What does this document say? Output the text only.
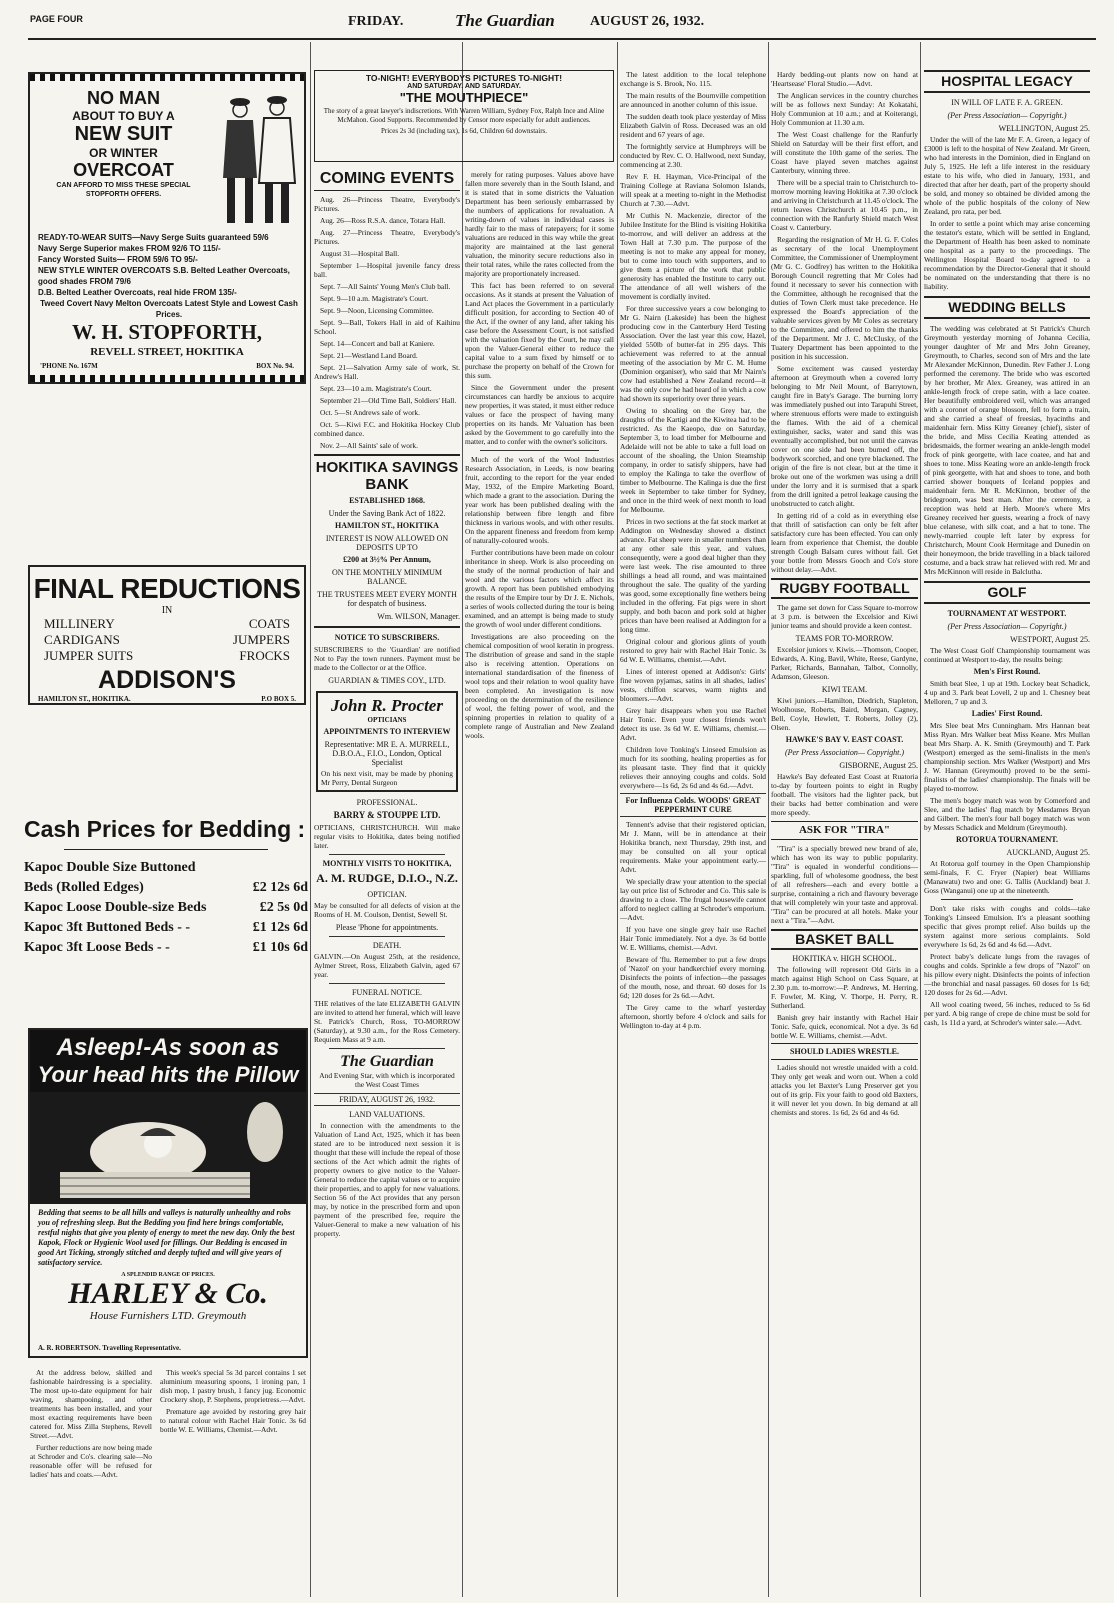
PAGE FOUR	FRIDAY.	The Guardian	AUGUST 26, 1932.
NO MAN
ABOUT TO BUY A
NEW SUIT
OR WINTER
OVERCOAT
CAN AFFORD TO MISS THESE SPECIAL STOPFORTH OFFERS.
READY-TO-WEAR SUITS—Navy Serge Suits guaranteed 59/6
Navy Serge Superior makes FROM 92/6 TO 115/-
Fancy Worsted Suits— FROM 59/6 TO 95/-
NEW STYLE WINTER OVERCOATS S.B. Belted Leather Overcoats, good shades FROM 79/6
D.B. Belted Leather Overcoats, real hide FROM 135/-
Tweed Covert Navy Melton Overcoats Latest Style and Lowest Cash Prices.
W. H. STOPFORTH,
REVELL STREET, HOKITIKA
'PHONE No. 167M	BOX No. 94.
FINAL REDUCTIONS
IN
MILLINERY	COATS
CARDIGANS	JUMPERS
JUMPER SUITS	FROCKS
ADDISON'S
HAMILTON ST., HOKITIKA.	P.O BOX 5.
Cash Prices for Bedding :
Kapoc Double Size Buttoned Beds (Rolled Edges)	£2 12s 6d
Kapoc Loose Double-size Beds	£2 5s 0d
Kapoc 3ft Buttoned Beds - -	£1 12s 6d
Kapoc 3ft Loose Beds - -	£1 10s 6d
Asleep!-As soon as
Your head hits the Pillow
Bedding that seems to be all hills and valleys is naturally unhealthy and robs you of refreshing sleep. But the Bedding you find here brings comfortable, restful nights that give you plenty of energy to meet the new day. Only the best Kapok, Flock or Hygienic Wool used for fillings. Our Bedding is encased in good Art Ticking, strongly stitched and deeply tufted and will give years of satisfactory service.
A SPLENDID RANGE OF PRICES.
HARLEY & Co.
House Furnishers LTD. Greymouth
A. R. ROBERTSON. Travelling Representative.

At the address below, skilled and fashionable hairdressing is a speciality. The most up-to-date equipment for hair waving, shampooing, and other treatments has been installed, and your most exacting requirements have been catered for. Miss Zilla Stephens, Revell Street.—Advt.

Further reductions are now being made at Schroder and Co's. clearing sale—No reasonable offer will be refused for ladies' hats and coats.—Advt.

This week's special 5s 3d parcel contains 1 set aluminium measuring spoons, 1 ironing pan, 1 dish mop, 1 pastry brush, 1 fancy jug. Economic Crockery shop, P. Stephens, proprietress.—Advt.

Premature age avoided by restoring grey hair to natural colour with Rachel Hair Tonic. 3s 6d bottle W. E. Williams, Chemist.—Advt.

TO-NIGHT! EVERYBODYS PICTURES TO-NIGHT!
AND SATURDAY. AND SATURDAY.
"THE MOUTHPIECE"
The story of a great lawyer's indiscretions. With Warren William, Sydney Fox, Ralph Ince and Aline McMahon. Good Supports. Recommended by Censor more especially for adult audiences.
Prices 2s 3d (including tax), 1s 6d, Children 6d downstairs.
COMING EVENTS

Aug. 26—Princess Theatre, Everybody's Pictures.

Aug. 26—Ross R.S.A. dance, Totara Hall.

Aug. 27—Princess Theatre, Everybody's Pictures.

August 31—Hospital Ball.

September 1—Hospital juvenile fancy dress ball.

Sept. 7—All Saints' Young Men's Club ball.

Sept. 9—10 a.m. Magistrate's Court.

Sept. 9—Noon, Licensing Committee.

Sept. 9—Ball, Tokers Hall in aid of Kaihinu School.

Sept. 14—Concert and ball at Kaniere.

Sept. 21—Westland Land Board.

Sept. 21—Salvation Army sale of work, St. Andrew's Hall.

Sept. 23—10 a.m. Magistrate's Court.

September 21—Old Time Ball, Soldiers' Hall.

Oct. 5—St Andrews sale of work.

Oct. 5—Kiwi F.C. and Hokitika Hockey Club combined dance.

Nov. 2—All Saints' sale of work.

HOKITIKA SAVINGS BANK
ESTABLISHED 1868.
Under the Saving Bank Act of 1822.
HAMILTON ST., HOKITIKA
INTEREST IS NOW ALLOWED ON DEPOSITS UP TO
£200 at 3½% Per Annum,
ON THE MONTHLY MINIMUM BALANCE.
THE TRUSTEES MEET EVERY MONTH for despatch of business.
Wm. WILSON, Manager.
NOTICE TO SUBSCRIBERS.
SUBSCRIBERS to the 'Guardian' are notified Not to Pay the town runners. Payment must be made to the Collector or at the Office.
GUARDIAN & TIMES COY., LTD.
John R. Procter
OPTICIANS
APPOINTMENTS TO INTERVIEW
Representative: MR E. A. MURRELL, D.B.O.A., F.I.O., London, Optical Specialist
On his next visit, may be made by phoning Mr Perry, Dental Surgeon
PROFESSIONAL.
BARRY & STOUPPE LTD.
OPTICIANS, CHRISTCHURCH. Will make regular visits to Hokitika, dates being notified later.
MONTHLY VISITS TO HOKITIKA,
A. M. RUDGE, D.I.O., N.Z.
OPTICIAN.
May be consulted for all defects of vision at the Rooms of H. M. Coulson, Dentist, Sewell St.
Please 'Phone for appointments.
DEATH.
GALVIN.—On August 25th, at the residence, Aylmer Street, Ross, Elizabeth Galvin, aged 67 year.
FUNERAL NOTICE.
THE relatives of the late ELIZABETH GALVIN are invited to attend her funeral, which will leave St. Patrick's Church, Ross, TO-MORROW (Saturday), at 9.30 a.m., for the Ross Cemetery. Requiem Mass at 9 a.m.
The Guardian
And Evening Star, with which is incorporated the West Coast Times
FRIDAY, AUGUST 26, 1932.
LAND VALUATIONS.

In connection with the amendments to the Valuation of Land Act, 1925, which it has been stated are to be introduced next session it is thought that these will include the repeal of those sections of the Act which admit the rights of property owners to give notice to the Valuer-General to reduce the capital values or to acquire their properties, and to apply for new valuations. Section 56 of the Act provides that any person may, by notice in the prescribed form and upon payment of the prescribed fee, require the Valuer-General to make a new valuation of his property.

merely for rating purposes. Values above have fallen more severely than in the South Island, and it is stated that in some districts the Valuation Department has been seriously embarrassed by the numbers of applications for revaluation. A writing-down of values in individual cases is hardly fair to the mass of ratepayers; for it some valuations are reduced in this way while the great majority are maintained at the last general valuation, the minority secure reductions also in their total rates, while the rates collected from the majority are proportionately increased.

This fact has been referred to on several occasions. As it stands at present the Valuation of Land Act places the Government in a particularly difficult position, for according to Section 40 of the Act, if the owner of any land, after taking his case before the Assessment Court, is not satisfied with the valuation fixed by the Court, he may call upon the Valuer-General either to reduce the capital value to a sum fixed by himself or to purchase the property on behalf of the Crown for this sum.

Since the Government under the present circumstances can hardly be anxious to acquire new properties, it was stated, it must either reduce values or face the prospect of having many properties on its hands. Mr Valuation has been asked by the Government to go carefully into the matter, and to confer with the owner's solicitors.

Much of the work of the Wool Industries Research Association, in Leeds, is now bearing fruit, according to the report for the year ended May, 1932, of the Empire Marketing Board, which made a grant to the association. During the year work has been published dealing with the relationship between fibre length and fibre thickness in various wools, and with other results. On the apparent fineness and freedom from kemp of naturally-coloured wools.

Further contributions have been made on colour inheritance in sheep. Work is also proceeding on the study of the normal production of hair and wool and the various factors which affect its growth. A report has been published embodying the results of the Empire tour by Dr J. E. Nichols, a series of wools collected during the tour is being examined, and an attempt is being made to study the growth of wool under different conditions.

Investigations are also proceeding on the chemical composition of wool keratin in progress. The distribution of grease and sand in the staple also is receiving attention. Operations on international standardisation of the fineness of wool tops and their relation to wool quality have been completed. An investigation is now proceeding on the determination of the resilience of wool, the felting power of wool, and the spinning properties in relation to quality of a complete range of Australian and New Zealand wools.

The latest addition to the local telephone exchange is S. Brook, No. 115.

The main results of the Bournville competition are announced in another column of this issue.

The sudden death took place yesterday of Miss Elizabeth Galvin of Ross. Deceased was an old resident and 67 years of age.

The fortnightly service at Humphreys will be conducted by Rev. C. O. Hallwood, next Sunday, commencing at 2.30.

Rev F. H. Hayman, Vice-Principal of the Training College at Raviana Solomon Islands, will speak at a meeting to-night in the Methodist Church at 7.30.—Advt.

Mr Cuthis N. Mackenzie, director of the Jubilee Institute for the Blind is visiting Hokitika to-morrow, and will deliver an address at the Town Hall at 7.30 p.m. The purpose of the meeting is not to make any appeal for money, but to come into touch with supporters, and to give them a picture of the work that public generosity has enabled the Institute to carry out. The attendance of all well wishers of the movement is cordially invited.

For three successive years a cow belonging to Mr G. Nairn (Lakeside) has been the highest producing cow in the Canterbury Herd Testing Association. Over the last year this cow, Hazel, yielded 550lb of butter-fat in 295 days. This achievement was referred to at the annual meeting of the association by Mr C. M. Hume (Dominion organiser), who said that Mr Nairn's cow had established a New Zealand record—it was the only cow he had heard of in which a cow had shown its superiority over three years.

Owing to shoaling on the Grey bar, the draughts of the Kartigi and the Kiwitea had to be restricted. As the Kaeopo, due on Saturday, September 3, to load timber for Melbourne and Adelaide will not be able to take a full load on account of the shoaling, the Union Steamship company, in order to satisfy shippers, have had to employ the Kalinga to take the overflow of timber to Melbourne. The Kalinga is due the first week in September to take timber for Sydney, and once in the third week of next month to load for Melbourne.

Prices in two sections at the fat stock market at Addington on Wednesday showed a distinct advance. Fat sheep were in smaller numbers than at any other sale this year, and values, consequently, were a good deal higher than they were last week. The rise amounted to three shillings a head all round, and was maintained throughout the sale. The quality of the yarding was good, some exceptionally fine wethers being included in the offering. Fat pigs were in short supply, and both bacon and pork sold at higher prices than have been realised at Addington for a long time.

Original colour and glorious glints of youth restored to grey hair with Rachel Hair Tonic. 3s 6d W. E. Williams, chemist.—Advt.

Lines of interest opened at Addison's: Girls' fine woven pyjamas, satins in all shades, ladies' vests, chiffon scarves, warm nights and bloomers.—Advt.

Grey hair disappears when you use Rachel Hair Tonic. Even your closest friends won't detect its use. 3s 6d W. E. Williams, chemist.—Advt.

Children love Tonking's Linseed Emulsion as much for its soothing, healing properties as for its pleasant taste. They find that it quickly relieves their annoying coughs and colds. Sold everywhere—1s 6d, 2s 6d and 4s 6d.—Advt.

For Influenza Colds. WOODS' GREAT PEPPERMINT CURE

Tennent's advise that their registered optician, Mr J. Mann, will be in attendance at their Hokitika branch, next Thursday, 29th inst, and may be consulted on all your optical requirements. Make your appointment early.—Advt.

We specially draw your attention to the special lay out price list of Schroder and Co. This sale is drawing to a close. The frugal housewife cannot afford to neglect calling at Schroder's emporium.—Advt.

If you have one single grey hair use Rachel Hair Tonic immediately. Not a dye. 3s 6d bottle W. E. Williams, chemist.—Advt.

Beware of 'flu. Remember to put a few drops of 'Nazol' on your handkerchief every morning. Disinfects the points of infection—the passages of the mouth, nose, and throat. 60 doses for 1s 6d; 120 doses for 2s 6d.—Advt.

The Grey came to the wharf yesterday afternoon, shortly before 4 o'clock and sails for Wellington to-day at 4 p.m.

Hardy bedding-out plants now on hand at 'Heartsease' Floral Studio.—Advt.

The Anglican services in the country churches will be as follows next Sunday: At Kokatahi, Holy Communion at 10 a.m.; and at Koiterangi, Holy Communion at 11.30 a.m.

The West Coast challenge for the Ranfurly Shield on Saturday will be their first effort, and will constitute the 10th game of the series. The Coast have played seven matches against Canterbury, winning three.

There will be a special train to Christchurch to-morrow morning leaving Hokitika at 7.30 o'clock and arriving in Christchurch at 11.45 o'clock. The return leaves Christchurch at 10.45 p.m., in connection with the Ranfurly Shield match West Coast v. Canterbury.

Regarding the resignation of Mr H. G. F. Coles as secretary of the local Unemployment Committee, the Commissioner of Unemployment (Mr G. C. Godfrey) has written to the Hokitika Borough Council regretting that Mr Coles had found it necessary to sever his connection with the Committee, although he recognised that the duties of Town Clerk must take precedence. He expressed the Board's appreciation of the valuable services given by Mr Coles as secretary to the Committee, and offered to him the thanks of the Department. Mr J. C. McClusky, of the Tuatery Department has been appointed to the position in his succession.

Some excitement was caused yesterday afternoon at Greymouth when a covered lorry belonging to Mr Neil Mount, of Barrytown, caught fire in Baty's Garage. The burning lorry was immediately pushed out into Tarapuhi Street, where strenuous efforts were made to extinguish the flames. With the aid of a chemical extinguisher, sacks, water and sand this was eventually accomplished, but not until the canvas cover on one side had been burned off, the bodywork scorched, and one tyre blackened. The origin of the fire is not clear, but at the time it broke out one of the workmen was using a drill under the lorry and it is surmised that a spark from the drill ignited a petrol leakage causing the unobstructed to catch alight.

In getting rid of a cold as in everything else that thrill of satisfaction can only be felt after satisfactory cure has been effected. You can only learn from experience that Chemist, the double strength Cough Balsam cures without fail. Get your bottle from Messrs Gooch and Co's store without delay.—Advt.

RUGBY FOOTBALL

The game set down for Cass Square to-morrow at 3 p.m. is between the Excelsior and Kiwi junior teams and should provide a keen contest.

TEAMS FOR TO-MORROW.

Excelsior juniors v. Kiwis.—Thomson, Cooper, Edwards, A. King, Bavil, White, Reese, Gardyne, Parker, Richards, Bannahan, Talbot, Connolly, Adamson, Gleeson.

KIWI TEAM.

Kiwi juniors.—Hamilton, Diedrich, Stapleton, Woolhouse, Roberts, Baird, Morgan, Cagney, Bell, Coyle, Hewlett, T. Roberts, Jolley (2), Olsen.

HAWKE'S BAY V. EAST COAST.
(Per Press Association— Copyright.)
GISBORNE, August 25.

Hawke's Bay defeated East Coast at Ruatoria to-day by fourteen points to eight in Rugby football. The visitors had the lighter pack, but their backs had better combination and were more speedy.

ASK FOR "TIRA"

"Tira" is a specially brewed new brand of ale, which has won its way to public popularity. "Tira" is equaled in wonderful conditions—sparkling, full of wholesome goodness, the best of all refreshers—each and every bottle a surprise, containing a rich and flavoury beverage that will completely win your taste and approval. "Tira" can be procured at all hotels. Make your next a "Tira."—Advt.

BASKET BALL
HOKITIKA v. HIGH SCHOOL.

The following will represent Old Girls in a match against High School on Cass Square, at 2.30 p.m. to-morrow:—P. Andrews, M. Herring, F. Fowler, M. King, V. Thorpe, H. Perry, R. Sutherland.

Banish grey hair instantly with Rachel Hair Tonic. Safe, quick, economical. Not a dye. 3s 6d bottle W. E. Williams, chemist.—Advt.

SHOULD LADIES WRESTLE.

Ladies should not wrestle unaided with a cold. They only get weak and worn out. When a cold attacks you let Baxter's Lung Preserver get you out of its grip. Fix your faith to good old Baxters, it will never let you down. In big demand at all chemists and stores. 1s 6d, 2s 6d and 4s 6d.

HOSPITAL LEGACY
IN WILL OF LATE F. A. GREEN.
(Per Press Association— Copyright.)
WELLINGTON, August 25.

Under the will of the late Mr F. A. Green, a legacy of £3000 is left to the hospital of New Zealand. Mr Green, who had interests in the Dominion, died in England on July 5, 1925. He left a life interest in the residuary estate to his wife, who died in January, 1931, and directed that after her death, part of the property should be sold, and money so obtained be divided among the whole of the public hospitals of the colony of New Zealand, pro rata, per bed.

In order to settle a point which may arise concerning the testator's estate, which will be settled in England, the Department of Health has been asked to nominate one hospital as a party to the proceedings. The Wellington Hospital Board to-day agreed to a recommendation by the Director-General that it should be nominated on the understanding that there is no liability.

WEDDING BELLS

The wedding was celebrated at St Patrick's Church Greymouth yesterday morning of Johanna Cecilia, younger daughter of Mr and Mrs John Greaney, Greymouth, to Charles, second son of Mrs and the late Mr Alexander McKinnon, Dunedin. Rev Father J. Long performed the ceremony. The bride who was escorted by her brother, Mr Alex. Greaney, was attired in an ankle-length frock of crepe satin, with a lace coatee. Her beautifully embroidered veil, which was arranged with a coronet of orange blossom, fell to form a train, and she carried a sheaf of freesias, hyacinths and maidenhair fern. Miss Kitty Greaney (chief), sister of the bride, and Miss Cecilia Keating attended as bridesmaids, the former wearing an ankle-length model frock of pink georgette, with lace coatee, and hat and shoes to tone. Miss Keating wore an ankle-length frock of pink georgette, with hat and shoes to tone, and both carried shower bouquets of Iceland poppies and maidenhair fern. Mr R. McKinnon, brother of the bridegroom, was best man. After the ceremony, a reception was held at Herb. Moore's where Mrs Greaney received her guests, wearing a frock of navy blue celanese, with silk coat, and a hat to tone. The newly-married couple left later by express for Christchurch, Mount Cook Hermitage and Dunedin on their honeymoon, the bride travelling in a black tailored costume, and a back straw hat relieved with red. Mr and Mrs McKinnon will reside in Balclutha.

GOLF
TOURNAMENT AT WESTPORT.
(Per Press Association— Copyright.)
WESTPORT, August 25.

The West Coast Golf Championship tournament was continued at Westport to-day, the results being:

Men's First Round.

Smith beat Slee, 1 up at 19th. Lockey beat Schadick, 4 up and 3. Park beat Lovell, 2 up and 1. Chesney beat Melloren, 7 up and 3.

Ladies' First Round.

Mrs Slee beat Mrs Cunningham. Mrs Hannan beat Miss Ryan. Mrs Walker beat Miss Keane. Mrs Mullan beat Mrs Sharp. A. K. Smith (Greymouth) and T. Park (Westport) emerged as the semi-finalists in the men's championship section. Mrs Walker (Westport) and Mrs J. W. Hannan (Greymouth) proved to be the semi-finalists of the ladies' championship. The finals will be played to-morrow.

The men's bogey match was won by Comerford and Slee, and the ladies' flag match by Mesdames Bryan and Gilbert. The men's four ball bogey match was won by Messrs Schadick and Meldrum (Greymouth).

ROTORUA TOURNAMENT.
AUCKLAND, August 25.

At Rotorua golf tourney in the Open Championship semi-finals, F. C. Fryer (Napier) beat Williams (Manawatu) two and one: G. Tallis (Auckland) beat J. Goss (Wanganui) one up at the nineteenth.

Don't take risks with coughs and colds—take Tonking's Linseed Emulsion. It's a pleasant soothing specific that gives prompt relief. Also builds up the system against more serious complaints. Sold everywhere 1s 6d, 2s 6d and 4s 6d.—Advt.

Protect baby's delicate lungs from the ravages of coughs and colds. Sprinkle a few drops of "Nazol" on his pillow every night. Disinfects the points of infection—the bronchial and nasal passages. 60 doses for 1s 6d; 120 doses for 2s 6d.—Advt.

All wool coating tweed, 56 inches, reduced to 5s 6d per yard. A big range of crepe de chine must be sold for cash, 1s 11d a yard, at Schroder's winter sale.—Advt.
